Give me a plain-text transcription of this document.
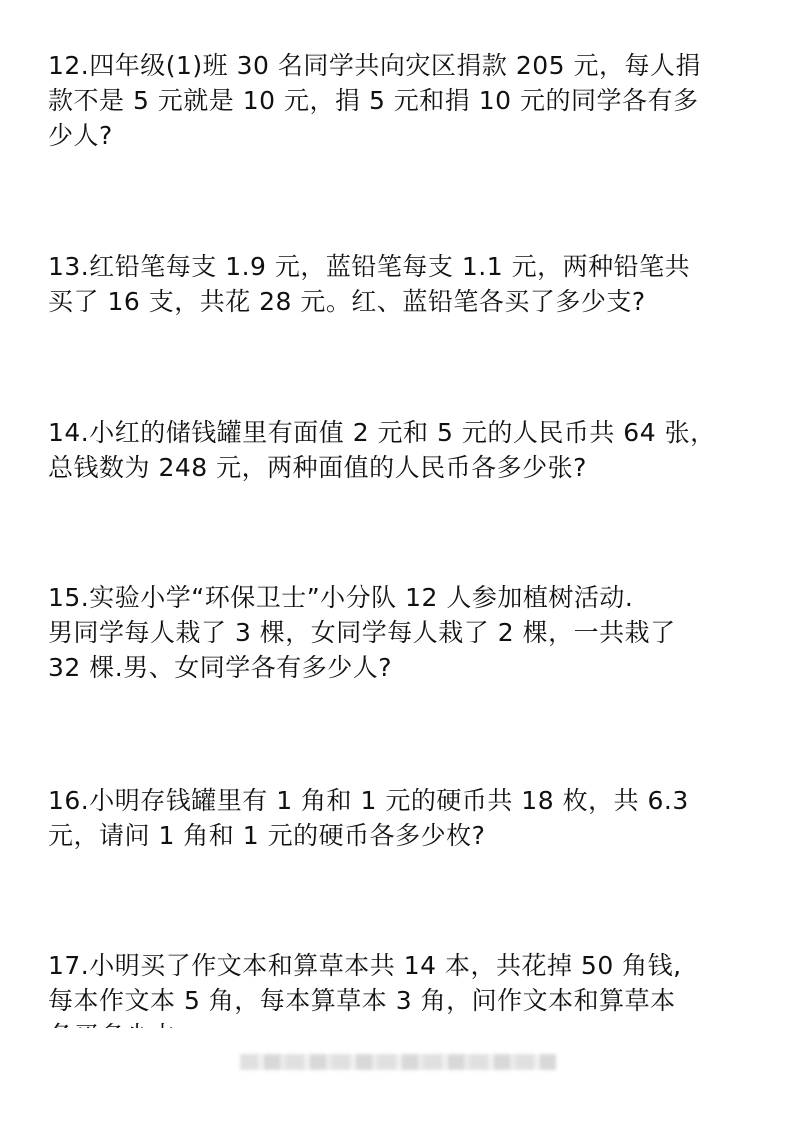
12.四年级(1)班 30 名同学共向灾区捐款 205 元，每人捐
款不是 5 元就是 10 元，捐 5 元和捐 10 元的同学各有多
少人?
13.红铅笔每支 1.9 元，蓝铅笔每支 1.1 元，两种铅笔共
买了 16 支，共花 28 元。红、蓝铅笔各买了多少支?
14.小红的储钱罐里有面值 2 元和 5 元的人民币共 64 张，
总钱数为 248 元，两种面值的人民币各多少张?
15.实验小学“环保卫士”小分队 12 人参加植树活动.
男同学每人栽了 3 棵，女同学每人栽了 2 棵，一共栽了
32 棵.男、女同学各有多少人?
16.小明存钱罐里有 1 角和 1 元的硬币共 18 枚，共 6.3
元，请问 1 角和 1 元的硬币各多少枚?
17.小明买了作文本和算草本共 14 本，共花掉 50 角钱,
每本作文本 5 角，每本算草本 3 角，问作文本和算草本
